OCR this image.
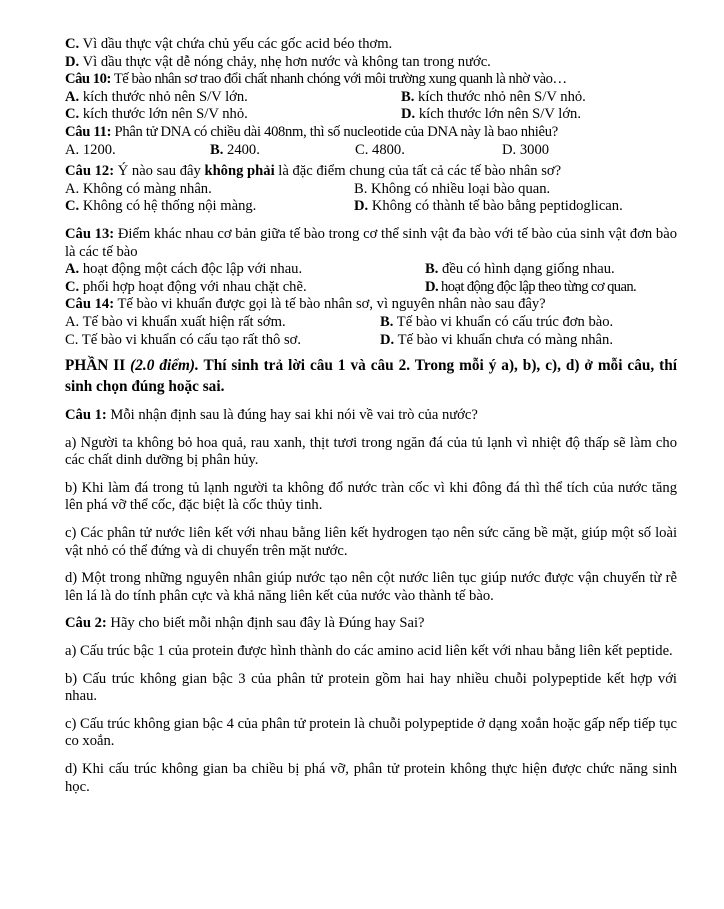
C. Vì dầu thực vật chứa chủ yếu các gốc acid béo thơm.
D. Vì dầu thực vật dễ nóng chảy, nhẹ hơn nước và không tan trong nước.
Câu 10: Tế bào nhân sơ trao đổi chất nhanh chóng với môi trường xung quanh là nhờ vào…
A. kích thước nhỏ nên S/V lớn.	B. kích thước nhỏ nên S/V nhỏ.
C. kích thước lớn nên S/V nhỏ.	D. kích thước lớn nên S/V lớn.
Câu 11: Phân tử DNA có chiều dài 408nm, thì số nucleotide của DNA này là bao nhiêu?
A. 1200.	B. 2400.	C. 4800.	D. 3000
Câu 12: Ý nào sau đây không phải là đặc điểm chung của tất cả các tế bào nhân sơ?
A. Không có màng nhân.	B. Không có nhiều loại bào quan.
C. Không có hệ thống nội màng.	D. Không có thành tế bào bằng peptidoglican.
Câu 13: Điểm khác nhau cơ bản giữa tế bào trong cơ thể sinh vật đa bào với tế bào của sinh vật đơn bào là các tế bào
A. hoạt động một cách độc lập với nhau.	B. đều có hình dạng giống nhau.
C. phối hợp hoạt động với nhau chặt chẽ.	D. hoạt động độc lập theo từng cơ quan.
Câu 14: Tế bào vi khuẩn được gọi là tế bào nhân sơ, vì nguyên nhân nào sau đây?
A. Tế bào vi khuẩn xuất hiện rất sớm.	B. Tế bào vi khuẩn có cấu trúc đơn bào.
C. Tế bào vi khuẩn có cấu tạo rất thô sơ.	D. Tế bào vi khuẩn chưa có màng nhân.
PHẦN II (2.0 điểm). Thí sinh trả lời câu 1 và câu 2. Trong mỗi ý a), b), c), d) ở mỗi câu, thí sinh chọn đúng hoặc sai.
Câu 1: Mỗi nhận định sau là đúng hay sai khi nói về vai trò của nước?
a) Người ta không bỏ hoa quả, rau xanh, thịt tươi trong ngăn đá của tủ lạnh vì nhiệt độ thấp sẽ làm cho các chất dinh dưỡng bị phân hủy.
b) Khi làm đá trong tủ lạnh người ta không đổ nước tràn cốc vì khi đông đá thì thể tích của nước tăng lên phá vỡ thể cốc, đặc biệt là cốc thủy tinh.
c) Các phân tử nước liên kết với nhau bằng liên kết hydrogen tạo nên sức căng bề mặt, giúp một số loài vật nhỏ có thể đứng và di chuyển trên mặt nước.
d) Một trong những nguyên nhân giúp nước tạo nên cột nước liên tục giúp nước được vận chuyển từ rễ lên lá là do tính phân cực và khả năng liên kết của nước vào thành tế bào.
Câu 2: Hãy cho biết mỗi nhận định sau đây là Đúng hay Sai?
a) Cấu trúc bậc 1 của protein được hình thành do các amino acid liên kết với nhau bằng liên kết peptide.
b) Cấu trúc không gian bậc 3 của phân tử protein gồm hai hay nhiều chuỗi polypeptide kết hợp với nhau.
c) Cấu trúc không gian bậc 4 của phân tử protein là chuỗi polypeptide ở dạng xoắn hoặc gấp nếp tiếp tục co xoắn.
d) Khi cấu trúc không gian ba chiều bị phá vỡ, phân tử protein không thực hiện được chức năng sinh học.
